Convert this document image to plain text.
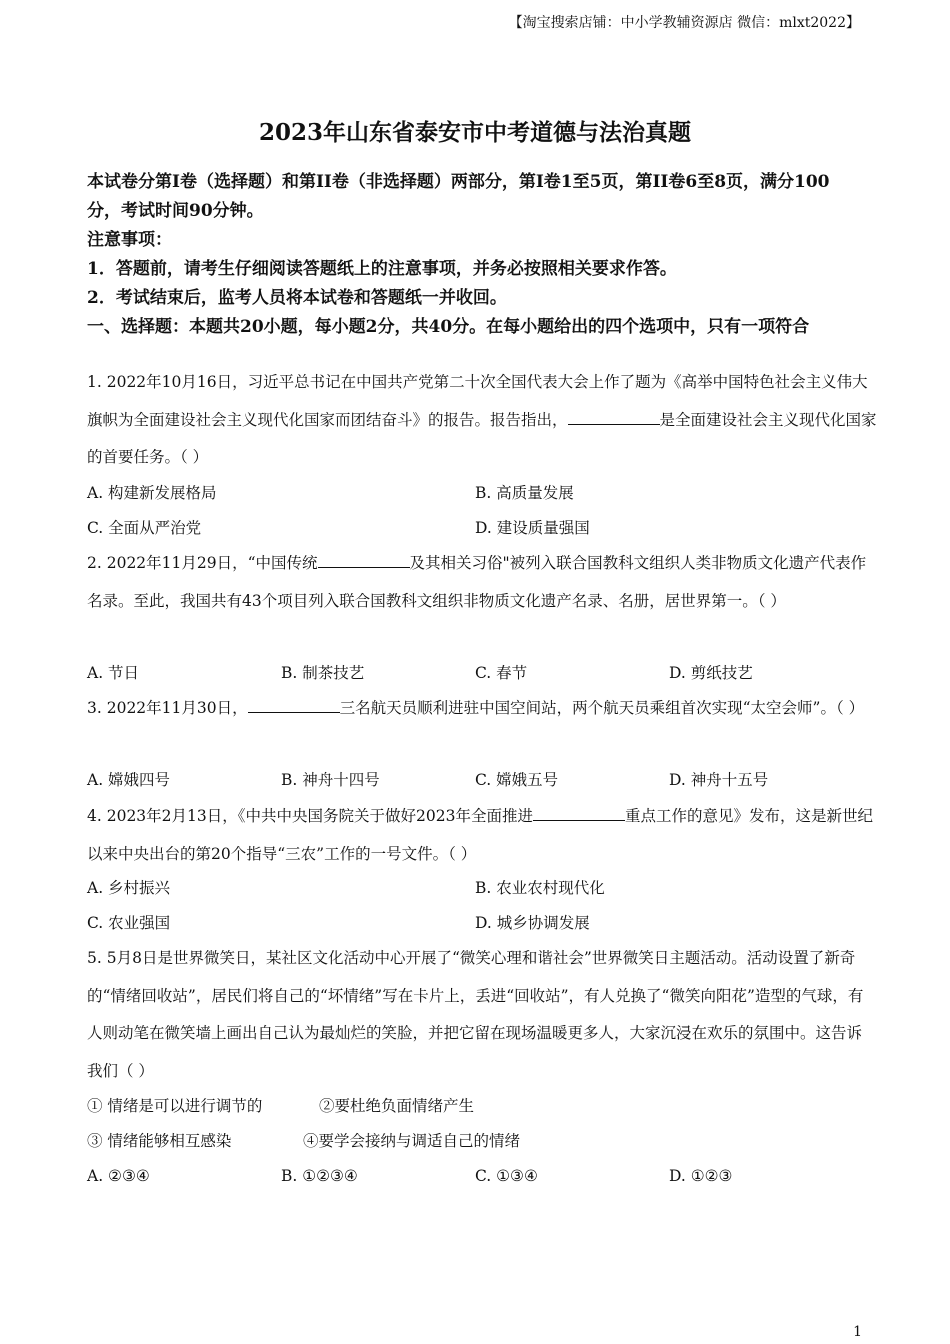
【淘宝搜索店铺：中小学教辅资源店 微信：mlxt2022】
2023年山东省泰安市中考道德与法治真题

本试卷分第Ⅰ卷（选择题）和第II卷（非选择题）两部分，第I卷1至5页，第II卷6至8页，满分100分，考试时间90分钟。

注意事项：

1．答题前，请考生仔细阅读答题纸上的注意事项，并务必按照相关要求作答。

2．考试结束后，监考人员将本试卷和答题纸一并收回。

一、选择题：本题共20小题，每小题2分，共40分。在每小题给出的四个选项中，只有一项符合

1. 2022年10月16日，习近平总书记在中国共产党第二十次全国代表大会上作了题为《高举中国特色社会主义伟大旗帜为全面建设社会主义现代化国家而团结奋斗》的报告。报告指出，	是全面建设社会主义现代化国家的首要任务。（ ）

A. 构建新发展格局	B. 高质量发展
C. 全面从严治党	D. 建设质量强国

2. 2022年11月29日，“中国传统	及其相关习俗"被列入联合国教科文组织人类非物质文化遗产代表作名录。至此，我国共有43个项目列入联合国教科文组织非物质文化遗产名录、名册，居世界第一。（ ）

A. 节日	B. 制茶技艺	C. 春节	D. 剪纸技艺

3. 2022年11月30日，	三名航天员顺利进驻中国空间站，两个航天员乘组首次实现“太空会师”。（ ）

A. 嫦娥四号	B. 神舟十四号	C. 嫦娥五号	D. 神舟十五号

4. 2023年2月13日，《中共中央国务院关于做好2023年全面推进	重点工作的意见》发布，这是新世纪以来中央出台的第20个指导“三农”工作的一号文件。（ ）

A. 乡村振兴	B. 农业农村现代化
C. 农业强国	D. 城乡协调发展

5. 5月8日是世界微笑日，某社区文化活动中心开展了“微笑心理和谐社会”世界微笑日主题活动。活动设置了新奇的“情绪回收站”，居民们将自己的“坏情绪”写在卡片上，丢进“回收站”，有人兑换了“微笑向阳花”造型的气球，有人则动笔在微笑墙上画出自己认为最灿烂的笑脸，并把它留在现场温暖更多人，大家沉浸在欢乐的氛围中。这告诉我们（ ）

① 情绪是可以进行调节的	②要杜绝负面情绪产生
③ 情绪能够相互感染	④要学会接纳与调适自己的情绪
A. ②③④	B. ①②③④	C. ①③④	D. ①②③
1
